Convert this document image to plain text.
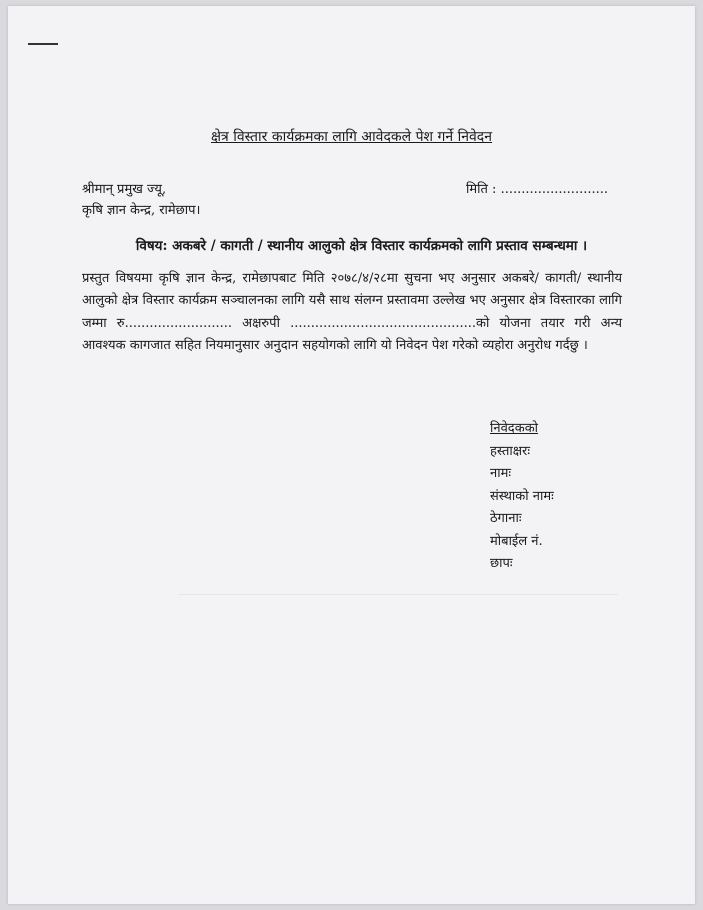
क्षेत्र विस्तार कार्यक्रमका लागि आवेदकले पेश गर्ने निवेदन
श्रीमान् प्रमुख ज्यू,
कृषि ज्ञान केन्द्र, रामेछाप।
मिति : ..........................
विषय: अकबरे / कागती / स्थानीय आलुको क्षेत्र विस्तार कार्यक्रमको लागि प्रस्ताव सम्बन्धमा ।
प्रस्तुत विषयमा कृषि ज्ञान केन्द्र, रामेछापबाट मिति २०७८/४/२८मा सुचना भए अनुसार अकबरे/ कागती/ स्थानीय आलुको क्षेत्र विस्तार कार्यक्रम सञ्चालनका लागि यसै साथ संलग्न प्रस्तावमा उल्लेख भए अनुसार क्षेत्र विस्तारका लागि जम्मा रु.......................... अक्षरुपी .............................................को योजना तयार गरी अन्य आवश्यक कागजात सहित नियमानुसार अनुदान सहयोगको लागि यो निवेदन पेश गरेको व्यहोरा अनुरोध गर्दछु ।
निवेदकको
हस्ताक्षरः
नामः
संस्थाको नामः
ठेगानाः
मोबाईल नं.
छापः
